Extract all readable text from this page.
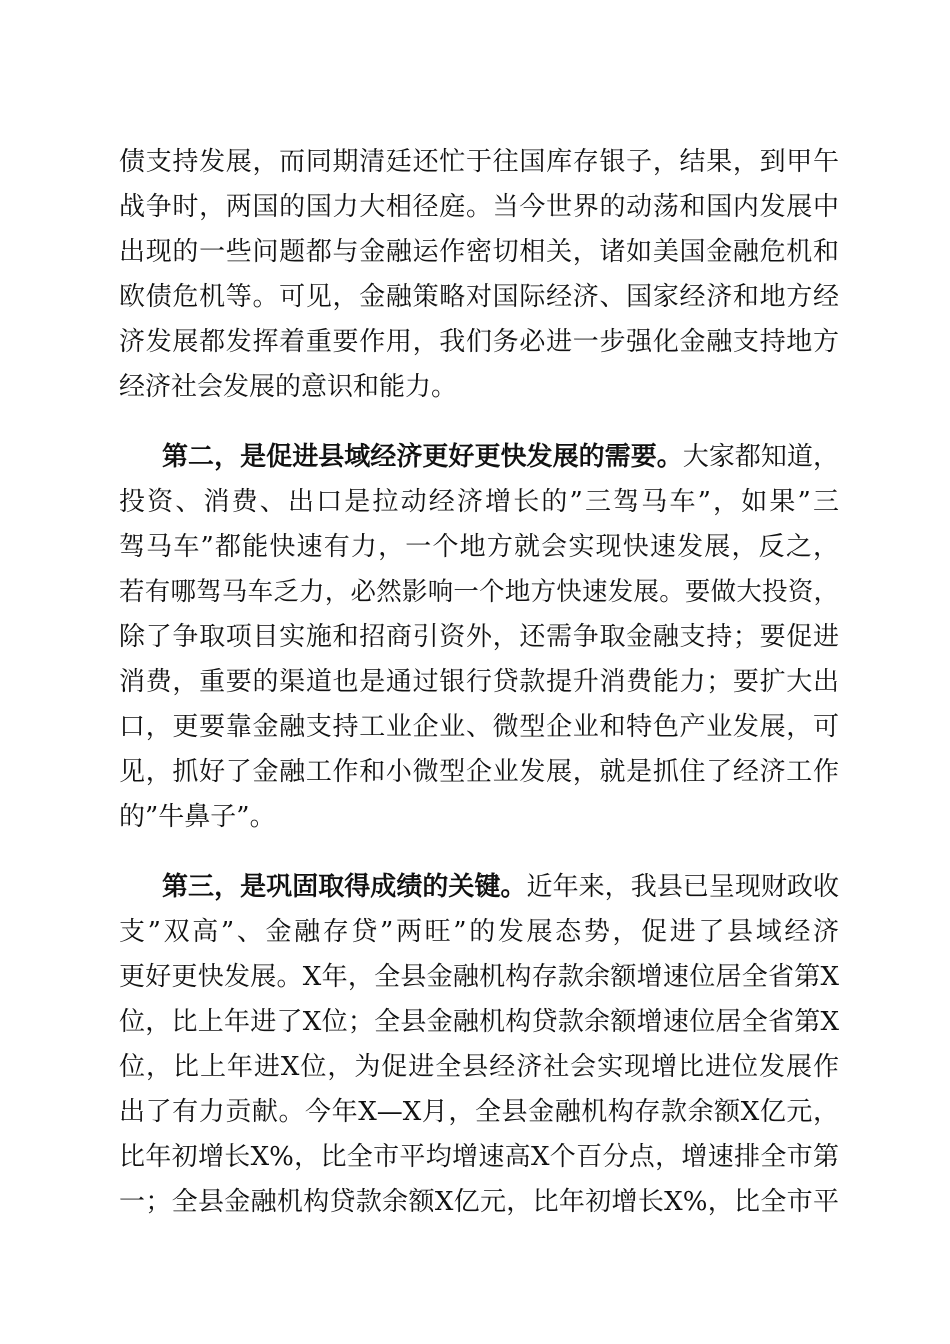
债支持发展，而同期清廷还忙于往国库存银子，结果，到甲午
战争时，两国的国力大相径庭。当今世界的动荡和国内发展中
出现的一些问题都与金融运作密切相关，诸如美国金融危机和
欧债危机等。可见，金融策略对国际经济、国家经济和地方经
济发展都发挥着重要作用，我们务必进一步强化金融支持地方
经济社会发展的意识和能力。
第二，是促进县域经济更好更快发展的需要。大家都知道，
投资、消费、出口是拉动经济增长的”三驾马车”，如果”三
驾马车”都能快速有力，一个地方就会实现快速发展，反之，
若有哪驾马车乏力，必然影响一个地方快速发展。要做大投资，
除了争取项目实施和招商引资外，还需争取金融支持；要促进
消费，重要的渠道也是通过银行贷款提升消费能力；要扩大出
口，更要靠金融支持工业企业、微型企业和特色产业发展，可
见，抓好了金融工作和小微型企业发展，就是抓住了经济工作
的”牛鼻子”。
第三，是巩固取得成绩的关键。近年来，我县已呈现财政收
支”双高”、金融存贷”两旺”的发展态势，促进了县域经济
更好更快发展。X年，全县金融机构存款余额增速位居全省第X
位，比上年进了X位；全县金融机构贷款余额增速位居全省第X
位，比上年进X位，为促进全县经济社会实现增比进位发展作
出了有力贡献。今年X—X月，全县金融机构存款余额X亿元，
比年初增长X%，比全市平均增速高X个百分点，增速排全市第
一；全县金融机构贷款余额X亿元，比年初增长X%，比全市平
